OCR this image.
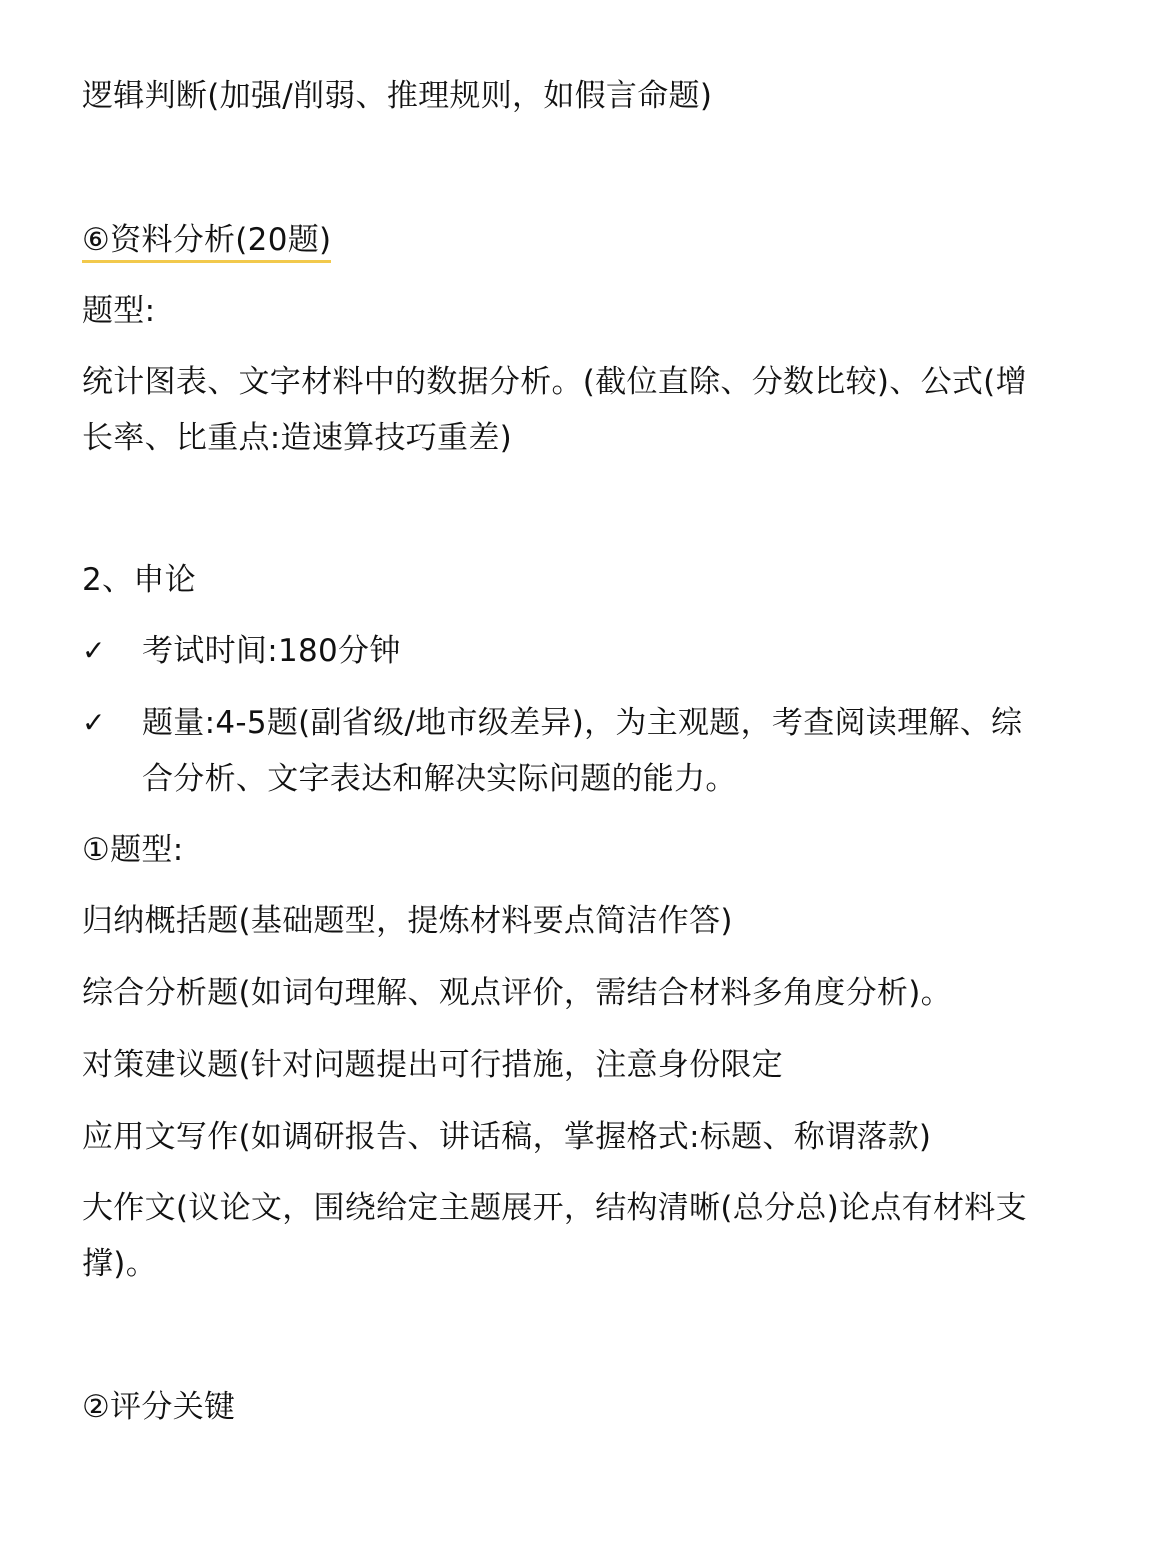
逻辑判断(加强/削弱、推理规则，如假言命题)
⑥资料分析(20题)
题型:
统计图表、文字材料中的数据分析。(截位直除、分数比较)、公式(增
长率、比重点:造速算技巧重差)
2、申论
✓ 考试时间:180分钟
✓ 题量:4-5题(副省级/地市级差异)，为主观题，考查阅读理解、综
合分析、文字表达和解决实际问题的能力。
①题型:
归纳概括题(基础题型，提炼材料要点简洁作答)
综合分析题(如词句理解、观点评价，需结合材料多角度分析)。
对策建议题(针对问题提出可行措施，注意身份限定
应用文写作(如调研报告、讲话稿，掌握格式:标题、称谓落款)
大作文(议论文，围绕给定主题展开，结构清晰(总分总)论点有材料支
撑)。
②评分关键
